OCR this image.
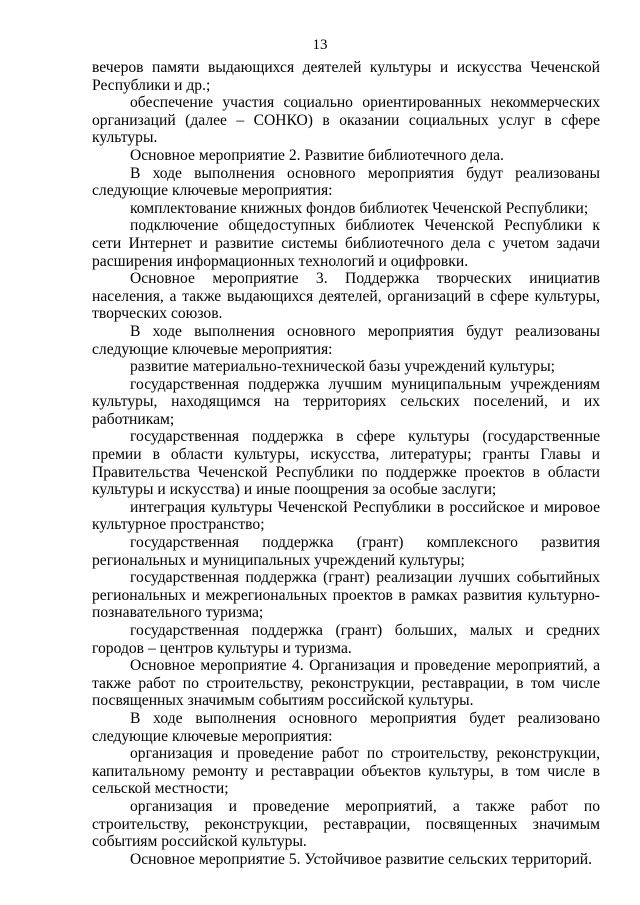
13

вечеров памяти выдающихся деятелей культуры и искусства Чеченской Республики и др.;

обеспечение участия социально ориентированных некоммерческих организаций (далее – СОНКО) в оказании социальных услуг в сфере культуры.

Основное мероприятие 2. Развитие библиотечного дела.

В ходе выполнения основного мероприятия будут реализованы следующие ключевые мероприятия:

комплектование книжных фондов библиотек Чеченской Республики;

подключение общедоступных библиотек Чеченской Республики к сети Интернет и развитие системы библиотечного дела с учетом задачи расширения информационных технологий и оцифровки.

Основное мероприятие 3. Поддержка творческих инициатив населения, а также выдающихся деятелей, организаций в сфере культуры, творческих союзов.

В ходе выполнения основного мероприятия будут реализованы следующие ключевые мероприятия:

развитие материально-технической базы учреждений культуры;

государственная поддержка лучшим муниципальным учреждениям культуры, находящимся на территориях сельских поселений, и их работникам;

государственная поддержка в сфере культуры (государственные премии в области культуры, искусства, литературы; гранты Главы и Правительства Чеченской Республики по поддержке проектов в области культуры и искусства) и иные поощрения за особые заслуги;

интеграция культуры Чеченской Республики в российское и мировое культурное пространство;

государственная поддержка (грант) комплексного развития региональных и муниципальных учреждений культуры;

государственная поддержка (грант) реализации лучших событийных региональных и межрегиональных проектов в рамках развития культурно-познавательного туризма;

государственная поддержка (грант) больших, малых и средних городов – центров культуры и туризма.

Основное мероприятие 4. Организация и проведение мероприятий, а также работ по строительству, реконструкции, реставрации, в том числе посвященных значимым событиям российской культуры.

В ходе выполнения основного мероприятия будет реализовано следующие ключевые мероприятия:

организация и проведение работ по строительству, реконструкции, капитальному ремонту и реставрации объектов культуры, в том числе в сельской местности;

организация и проведение мероприятий, а также работ по строительству, реконструкции, реставрации, посвященных значимым событиям российской культуры.

Основное мероприятие 5. Устойчивое развитие сельских территорий.
